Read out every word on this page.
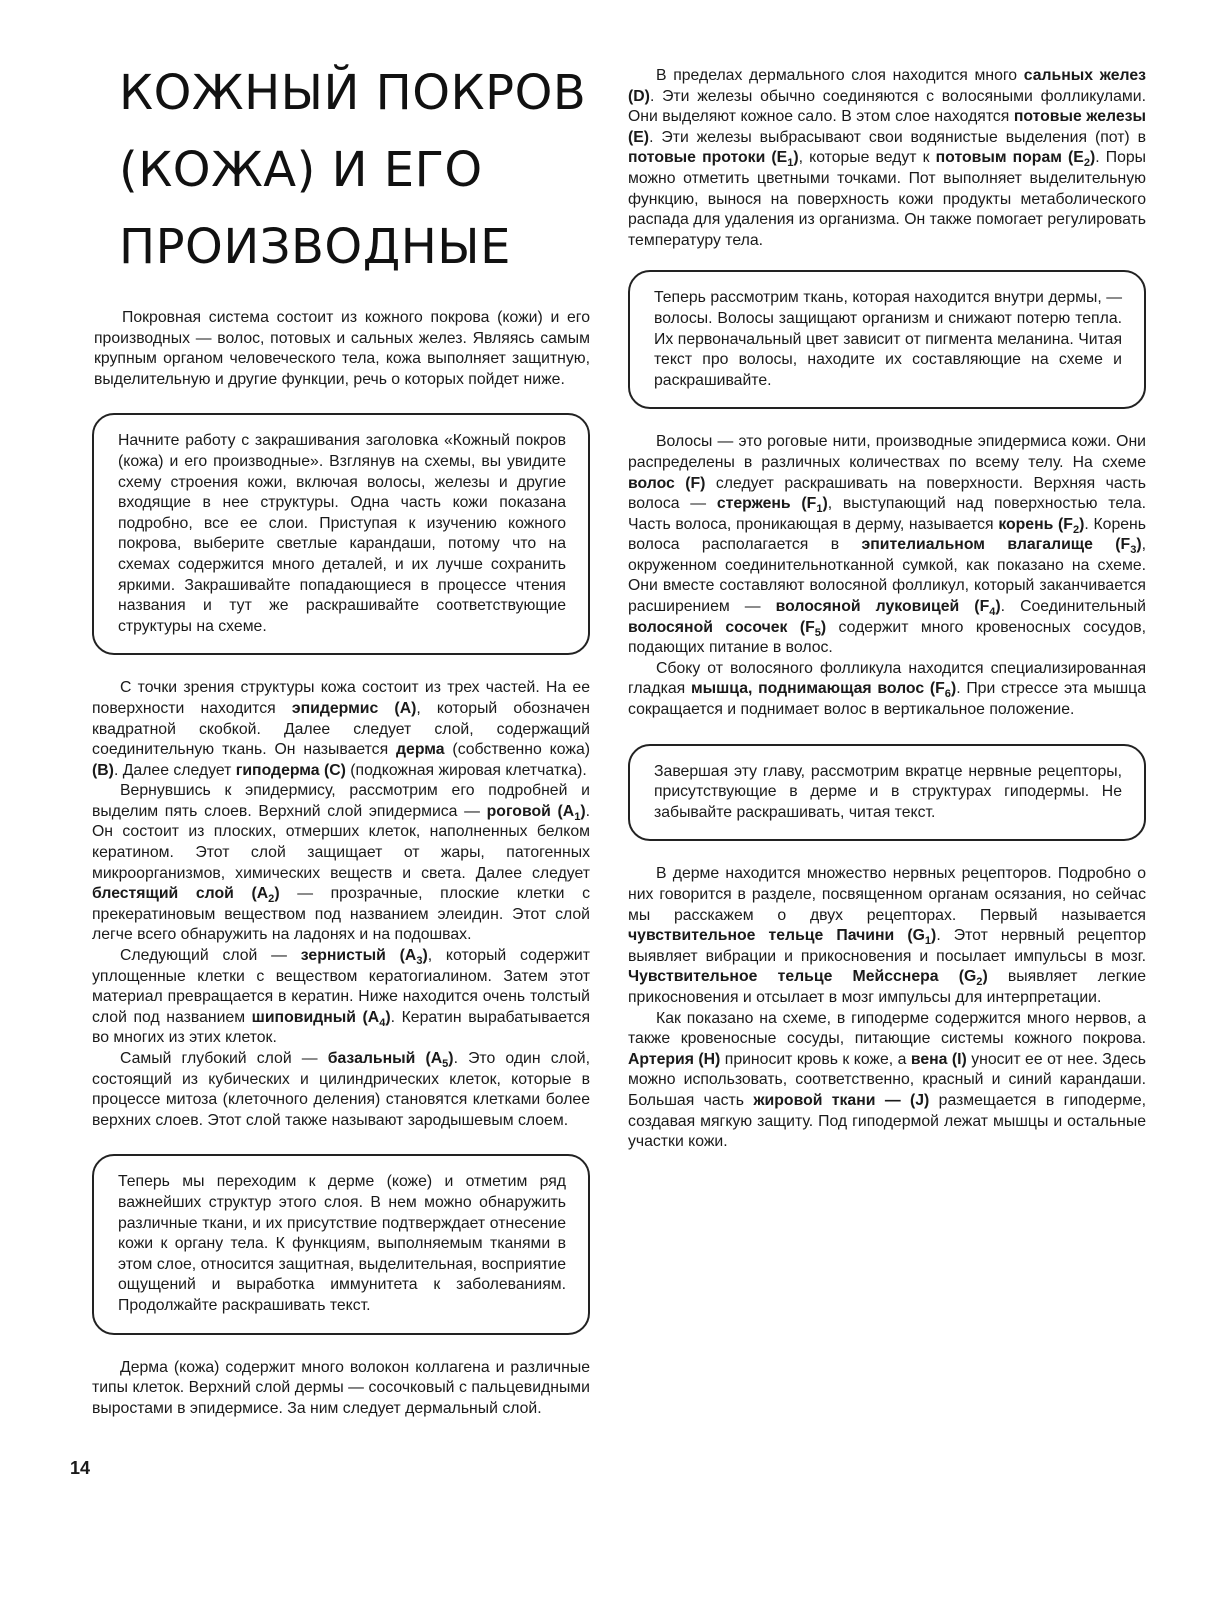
КОЖНЫЙ ПОКРОВ
(КОЖА) И ЕГО
ПРОИЗВОДНЫЕ

Покровная система состоит из кожного покрова (кожи) и его производных — волос, потовых и сальных желез. Являясь самым крупным органом человеческого тела, кожа выполняет защитную, выделительную и другие функции, речь о которых пойдет ниже.

Начните работу с закрашивания заголовка «Кожный покров (кожа) и его производные». Взглянув на схемы, вы увидите схему строения кожи, включая волосы, железы и другие входящие в нее структуры. Одна часть кожи показана подробно, все ее слои. Приступая к изучению кожного покрова, выберите светлые карандаши, потому что на схемах содержится много деталей, и их лучше сохранить яркими. Закрашивайте попадающиеся в процессе чтения названия и тут же раскрашивайте соответствующие структуры на схеме.

С точки зрения структуры кожа состоит из трех частей. На ее поверхности находится эпидермис (А), который обозначен квадратной скобкой. Далее следует слой, содержащий соединительную ткань. Он называется дерма (собственно кожа) (В). Далее следует гиподерма (С) (подкожная жировая клетчатка).

Вернувшись к эпидермису, рассмотрим его подробней и выделим пять слоев. Верхний слой эпидермиса — роговой $(A_1)$. Он состоит из плоских, отмерших клеток, наполненных белком кератином. Этот слой защищает от жары, патогенных микроорганизмов, химических веществ и света. Далее следует блестящий слой $(A_2)$ — прозрачные, плоские клетки с прекератиновым веществом под названием элеидин. Этот слой легче всего обнаружить на ладонях и на подошвах.

Следующий слой — зернистый $(A_3)$, который содержит уплощенные клетки с веществом кератогиалином. Затем этот материал превращается в кератин. Ниже находится очень толстый слой под названием шиповидный $(A_4)$. Кератин вырабатывается во многих из этих клеток.

Самый глубокий слой — базальный $(A_5)$. Это один слой, состоящий из кубических и цилиндрических клеток, которые в процессе митоза (клеточного деления) становятся клетками более верхних слоев. Этот слой также называют зародышевым слоем.

Теперь мы переходим к дерме (коже) и отметим ряд важнейших структур этого слоя. В нем можно обнаружить различные ткани, и их присутствие подтверждает отнесение кожи к органу тела. К функциям, выполняемым тканями в этом слое, относится защитная, выделительная, восприятие ощущений и выработка иммунитета к заболеваниям. Продолжайте раскрашивать текст.

Дерма (кожа) содержит много волокон коллагена и различные типы клеток. Верхний слой дермы — сосочковый с пальцевидными выростами в эпидермисе. За ним следует дермальный слой.

В пределах дермального слоя находится много сальных желез (D). Эти железы обычно соединяются с волосяными фолликулами. Они выделяют кожное сало. В этом слое находятся потовые железы (Е). Эти железы выбрасывают свои водянистые выделения (пот) в потовые протоки $(E_1)$, которые ведут к потовым порам $(E_2)$. Поры можно отметить цветными точками. Пот выполняет выделительную функцию, вынося на поверхность кожи продукты метаболического распада для удаления из организма. Он также помогает регулировать температуру тела.

Теперь рассмотрим ткань, которая находится внутри дермы, — волосы. Волосы защищают организм и снижают потерю тепла. Их первоначальный цвет зависит от пигмента меланина. Читая текст про волосы, находите их составляющие на схеме и раскрашивайте.

Волосы — это роговые нити, производные эпидермиса кожи. Они распределены в различных количествах по всему телу. На схеме волос (F) следует раскрашивать на поверхности. Верхняя часть волоса — стержень $(F_1)$, выступающий над поверхностью тела. Часть волоса, проникающая в дерму, называется корень $(F_2)$. Корень волоса располагается в эпителиальном влагалище $(F_3)$, окруженном соединительнотканной сумкой, как показано на схеме. Они вместе составляют волосяной фолликул, который заканчивается расширением — волосяной луковицей $(F_4)$. Соединительный волосяной сосочек $(F_5)$ содержит много кровеносных сосудов, подающих питание в волос.

Сбоку от волосяного фолликула находится специализированная гладкая мышца, поднимающая волос $(F_6)$. При стрессе эта мышца сокращается и поднимает волос в вертикальное положение.

Завершая эту главу, рассмотрим вкратце нервные рецепторы, присутствующие в дерме и в структурах гиподермы. Не забывайте раскрашивать, читая текст.

В дерме находится множество нервных рецепторов. Подробно о них говорится в разделе, посвященном органам осязания, но сейчас мы расскажем о двух рецепторах. Первый называется чувствительное тельце Пачини $(G_1)$. Этот нервный рецептор выявляет вибрации и прикосновения и посылает импульсы в мозг. Чувствительное тельце Мейсснера $(G_2)$ выявляет легкие прикосновения и отсылает в мозг импульсы для интерпретации.

Как показано на схеме, в гиподерме содержится много нервов, а также кровеносные сосуды, питающие системы кожного покрова. Артерия (H) приносит кровь к коже, а вена (I) уносит ее от нее. Здесь можно использовать, соответственно, красный и синий карандаши. Большая часть жировой ткани — (J) размещается в гиподерме, создавая мягкую защиту. Под гиподермой лежат мышцы и остальные участки кожи.

14
